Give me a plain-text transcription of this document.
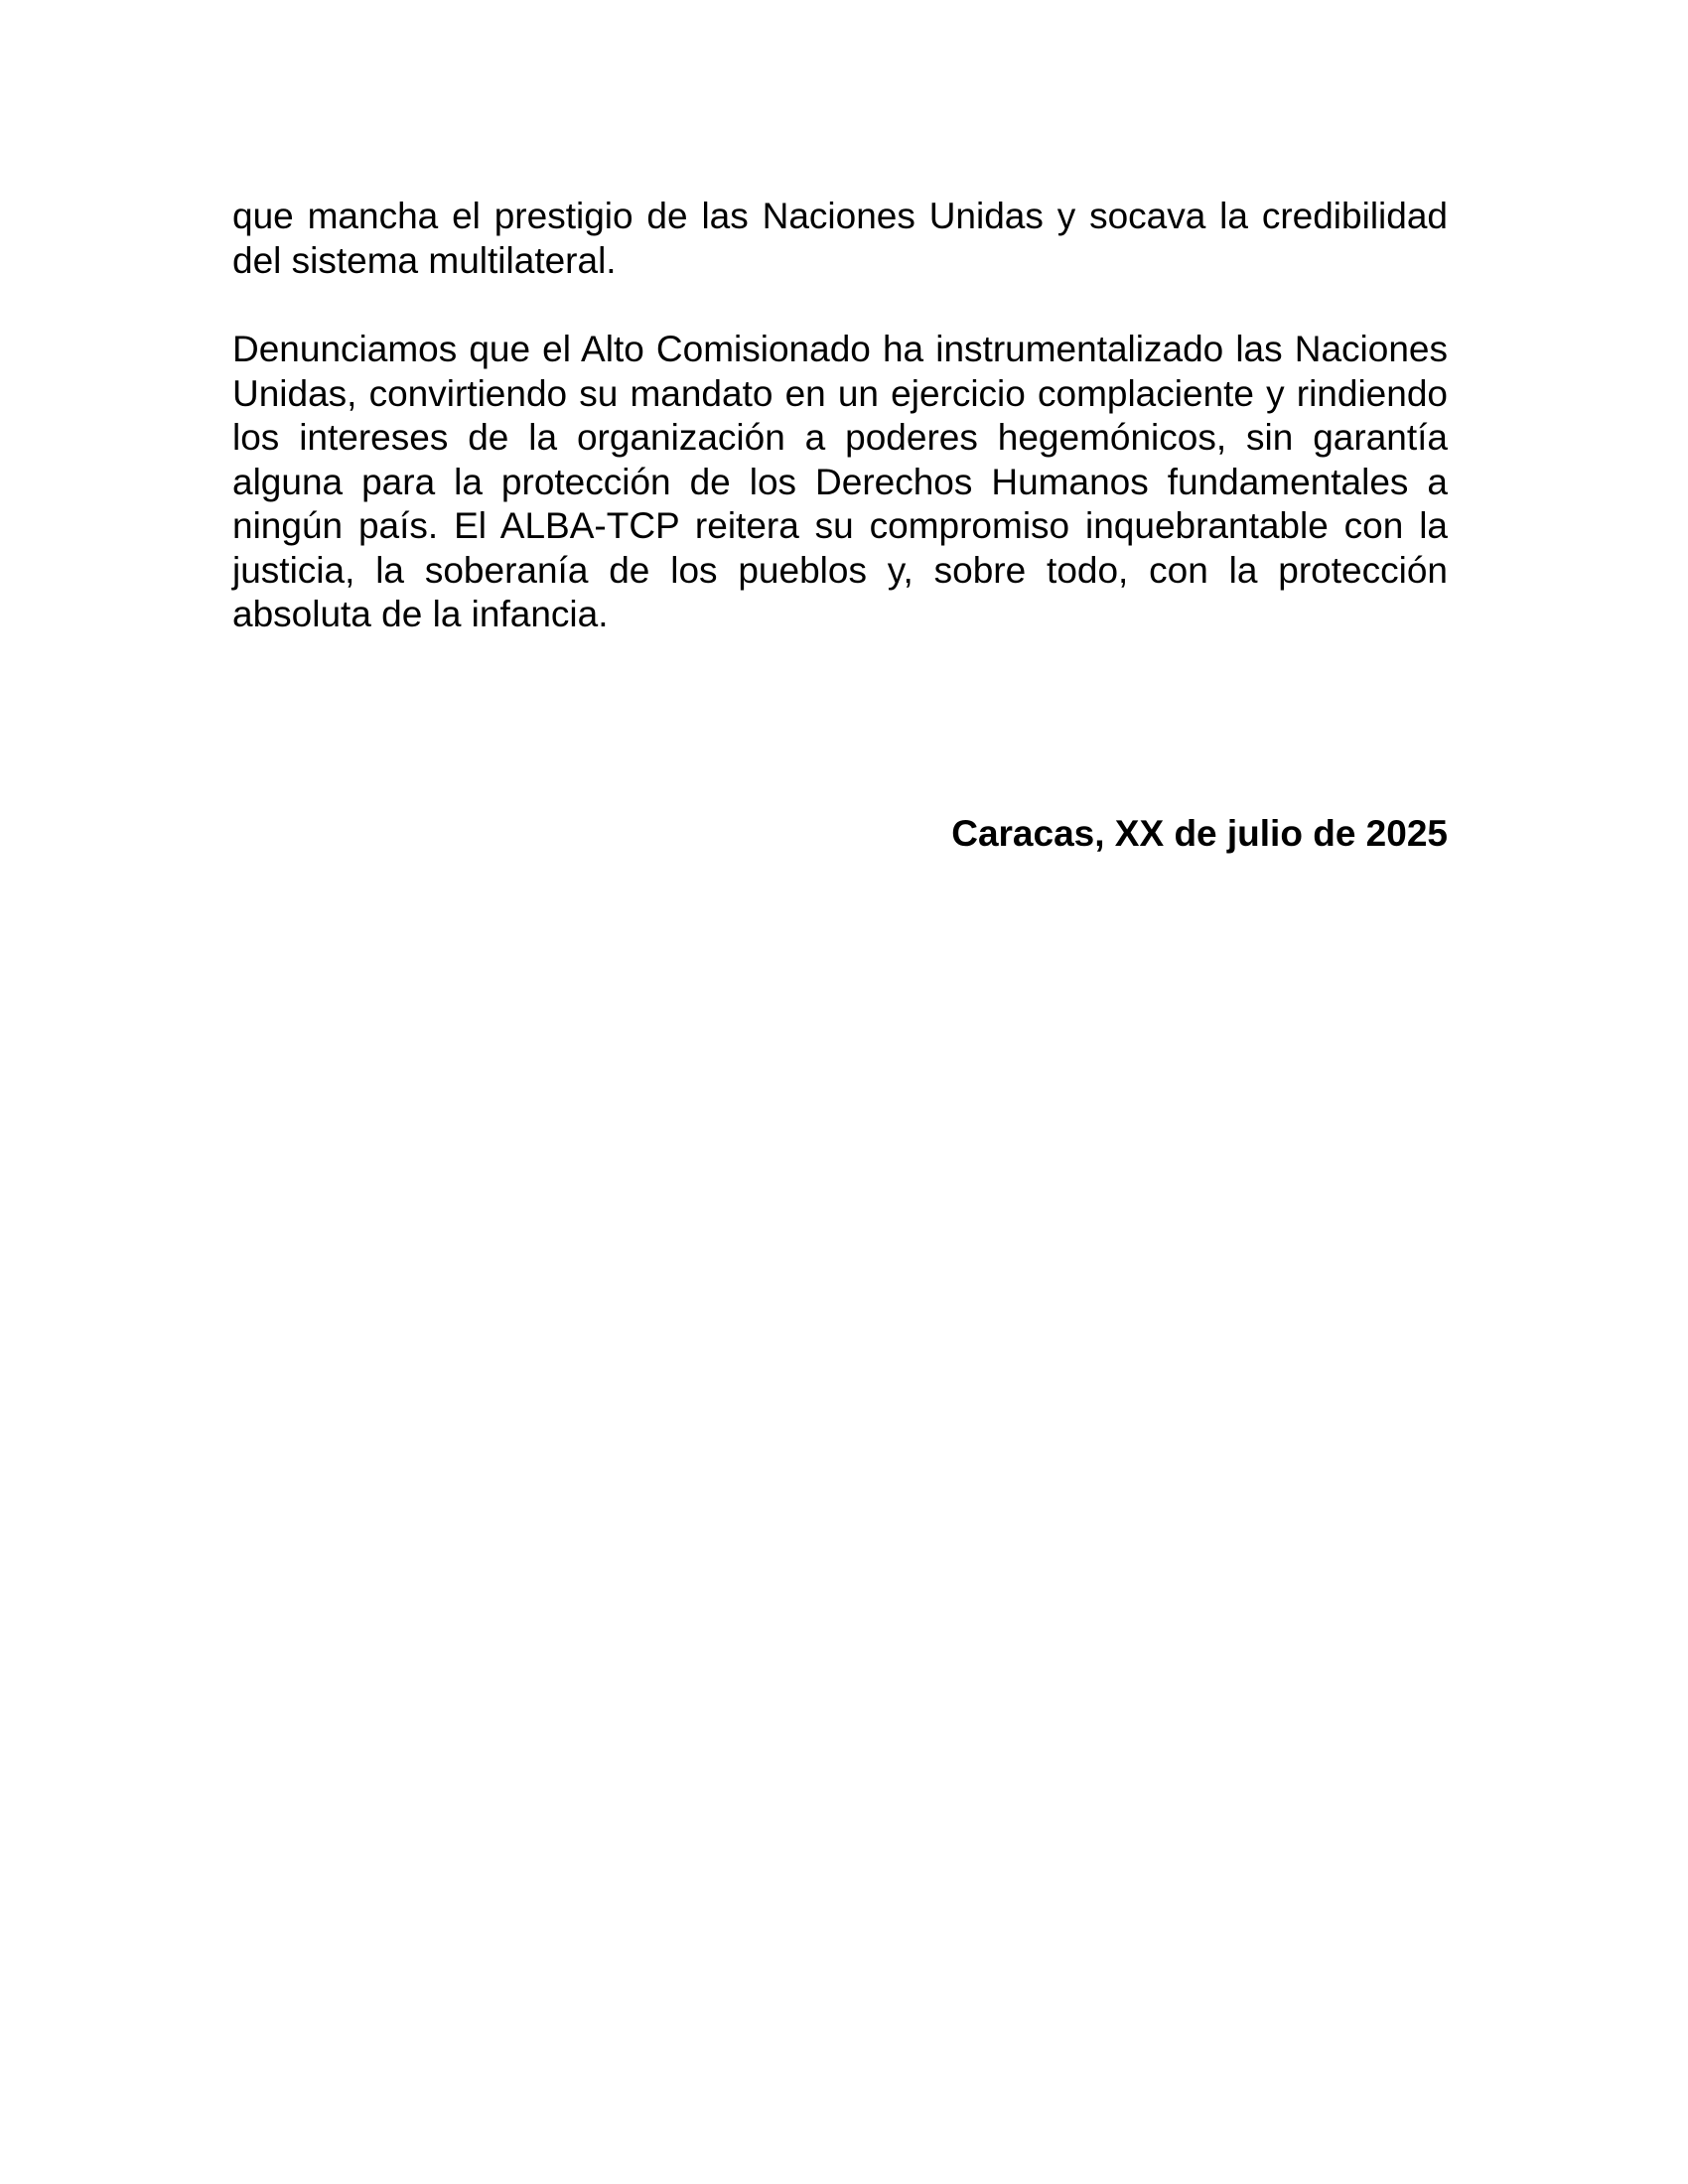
que mancha el prestigio de las Naciones Unidas y socava la credibilidad del sistema multilateral.

Denunciamos que el Alto Comisionado ha instrumentalizado las Naciones Unidas, convirtiendo su mandato en un ejercicio complaciente y rindiendo los intereses de la organización a poderes hegemónicos, sin garantía alguna para la protección de los Derechos Humanos fundamentales a ningún país. El ALBA-TCP reitera su compromiso inquebrantable con la justicia, la soberanía de los pueblos y, sobre todo, con la protección absoluta de la infancia.

Caracas, XX de julio de 2025
